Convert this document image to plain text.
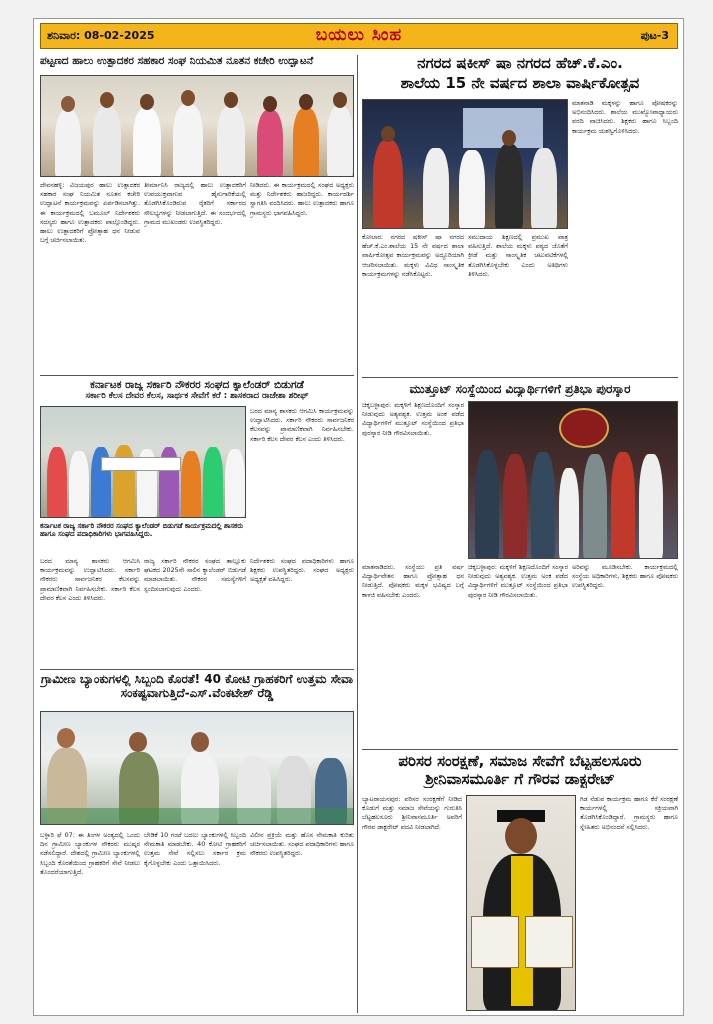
ಶನಿವಾರ: 08-02-2025	ಬಯಲು ಸಿಂಹ	ಪುಟ-3
ಪಟ್ಟಣದ ಹಾಲು ಉತ್ಪಾದಕರ ಸಹಕಾರ ಸಂಘ ನಿಯಮಿತ ನೂತನ ಕಚೇರಿ ಉದ್ಘಾಟನೆ
ದೇವನಹಳ್ಳಿ: ವಿಜಯಪುರ ಹಾಲು ಉತ್ಪಾದಕರ ಸಹಕಾರ ಸಂಘ ನಿಯಮಿತ ನೂತನ ಕಚೇರಿ ಉದ್ಘಾಟನೆ ಕಾರ್ಯಕ್ರಮವನ್ನು ಏರ್ಪಡಿಸಲಾಗಿತ್ತು. ಈ ಕಾರ್ಯಕ್ರಮದಲ್ಲಿ ಬಮೂಲ್ ನಿರ್ದೇಶಕರು ಸದಸ್ಯರು ಹಾಗೂ ಉತ್ಪಾದಕರು ಪಾಲ್ಗೊಂಡಿದ್ದರು. ಹಾಲು ಉತ್ಪಾದಕರಿಗೆ ಪ್ರೋತ್ಸಾಹ ಧನ ನೀಡುವ ಬಗ್ಗೆ ಚರ್ಚಿಸಲಾಯಿತು.
ತೀರ್ಮಾನಿಸಿ ರಾಜ್ಯದಲ್ಲಿ ಹಾಲು ಉತ್ಪಾದಕರಿಗೆ ಉಪಯುಕ್ತವಾಗುವ ಹೈನುಗಾರಿಕೆಯಲ್ಲಿ ತೊಡಗಿಸಿಕೊಂಡಿರುವ ರೈತರಿಗೆ ಸರ್ಕಾರದ ಸೌಲಭ್ಯಗಳನ್ನು ನೀಡಲಾಗುತ್ತಿದೆ. ಈ ಸಂದರ್ಭದಲ್ಲಿ ಗ್ರಾಮದ ಮುಖಂಡರು ಉಪಸ್ಥಿತರಿದ್ದರು.
ನೀಡಿದರು. ಈ ಕಾರ್ಯಕ್ರಮದಲ್ಲಿ ಸಂಘದ ಅಧ್ಯಕ್ಷರು ಮತ್ತು ನಿರ್ದೇಶಕರು ಹಾಜರಿದ್ದರು. ಕಾರ್ಯದರ್ಶಿ ಸ್ವಾಗತಿಸಿ ವಂದಿಸಿದರು. ಹಾಲು ಉತ್ಪಾದಕರು ಹಾಗೂ ಗ್ರಾಮಸ್ಥರು ಭಾಗವಹಿಸಿದ್ದರು.
ಕರ್ನಾಟಕ ರಾಜ್ಯ ಸರ್ಕಾರಿ ನೌಕರರ ಸಂಘದ ಕ್ಯಾಲೆಂಡರ್ ಬಿಡುಗಡೆ
ಸರ್ಕಾರಿ ಕೆಲಸ ದೇವರ ಕೆಲಸ, ಸಾರ್ಥಕ ಸೇವೆಗೆ ಕರೆ : ಶಾಸಕರಾದ ರಾಜೇಶಾ ಶರೀಫ್
ಕರ್ನಾಟಕ ರಾಜ್ಯ ಸರ್ಕಾರಿ ನೌಕರರ ಸಂಘದ ಕ್ಯಾಲೆಂಡರ್ ಬಿಡುಗಡೆ ಕಾರ್ಯಕ್ರಮದಲ್ಲಿ ಶಾಸಕರು ಹಾಗೂ ಸಂಘದ ಪದಾಧಿಕಾರಿಗಳು ಭಾಗವಹಿಸಿದ್ದರು.
ಬರದ ಮಾನ್ಯ ಶಾಸಕರು ಆಗಮಿಸಿ ಕಾರ್ಯಕ್ರಮವನ್ನು ಉದ್ಘಾಟಿಸಿದರು. ಸರ್ಕಾರಿ ನೌಕರರು ಸಾರ್ವಜನಿಕರ ಕೆಲಸವನ್ನು ಪ್ರಾಮಾಣಿಕವಾಗಿ ನಿರ್ವಹಿಸಬೇಕು. ಸರ್ಕಾರಿ ಕೆಲಸ ದೇವರ ಕೆಲಸ ಎಂದು ತಿಳಿಸಿದರು.
ಬರದ ಮಾನ್ಯ ಶಾಸಕರು ಆಗಮಿಸಿ ಕಾರ್ಯಕ್ರಮವನ್ನು ಉದ್ಘಾಟಿಸಿದರು. ಸರ್ಕಾರಿ ನೌಕರರು ಸಾರ್ವಜನಿಕರ ಕೆಲಸವನ್ನು ಪ್ರಾಮಾಣಿಕವಾಗಿ ನಿರ್ವಹಿಸಬೇಕು. ಸರ್ಕಾರಿ ಕೆಲಸ ದೇವರ ಕೆಲಸ ಎಂದು ತಿಳಿಸಿದರು.
ರಾಜ್ಯ ಸರ್ಕಾರಿ ನೌಕರರ ಸಂಘದ ತಾಲ್ಲೂಕು ಘಟಕದ 2025ನೇ ಸಾಲಿನ ಕ್ಯಾಲೆಂಡರ್ ಬಿಡುಗಡೆ ಮಾಡಲಾಯಿತು. ನೌಕರರ ಸಮಸ್ಯೆಗಳಿಗೆ ಸ್ಪಂದಿಸಲಾಗುವುದು ಎಂದರು.
ನಿರ್ದೇಶಕರು ಸಂಘದ ಪದಾಧಿಕಾರಿಗಳು ಹಾಗೂ ಶಿಕ್ಷಕರು ಉಪಸ್ಥಿತರಿದ್ದರು. ಸಂಘದ ಅಧ್ಯಕ್ಷರು ಅಧ್ಯಕ್ಷತೆ ವಹಿಸಿದ್ದರು.
ಗ್ರಾಮೀಣ ಬ್ಯಾಂಕುಗಳಲ್ಲಿ ಸಿಬ್ಬಂದಿ ಕೊರತೆ! 40 ಕೋಟಿ ಗ್ರಾಹಕರಿಗೆ ಉತ್ತಮ ಸೇವಾ ಸಂಕಷ್ಟವಾಗುತ್ತಿದೆ-ಎಸ್.ವೆಂಕಟೇಶ್ ರೆಡ್ಡಿ
ಬಳ್ಳಾರಿ ಫೆ 07: ಈ ತಿಂಗಳ ಅಂತ್ಯದಲ್ಲಿ ಒಂದು ದಿನ ಗ್ರಾಮೀಣ ಬ್ಯಾಂಕುಗಳ ನೌಕರರು ಮುಷ್ಕರ ನಡೆಸಲಿದ್ದಾರೆ. ದೇಶದಲ್ಲಿ ಗ್ರಾಮೀಣ ಬ್ಯಾಂಕುಗಳಲ್ಲಿ ಸಿಬ್ಬಂದಿ ಕೊರತೆಯಿಂದ ಗ್ರಾಹಕರಿಗೆ ಸೇವೆ ನೀಡಲು ತೊಂದರೆಯಾಗುತ್ತಿದೆ.
ಬೇಡಿಕೆ 10 ಗಂಟೆ ಬದಲು ಬ್ಯಾಂಕುಗಳಲ್ಲಿ ಸಿಬ್ಬಂದಿ ನೇಮಕಾತಿ ಮಾಡಬೇಕು. 40 ಕೋಟಿ ಗ್ರಾಹಕರಿಗೆ ಉತ್ತಮ ಸೇವೆ ಸಲ್ಲಿಸಲು ಸರ್ಕಾರ ಕ್ರಮ ಕೈಗೊಳ್ಳಬೇಕು ಎಂದು ಒತ್ತಾಯಿಸಿದರು.
ವಿಲೀನ ಪ್ರಕ್ರಿಯೆ ಮತ್ತು ಹೊಸ ನೇಮಕಾತಿ ಕುರಿತು ಚರ್ಚಿಸಲಾಯಿತು. ಸಂಘದ ಪದಾಧಿಕಾರಿಗಳು ಹಾಗೂ ನೌಕರರು ಉಪಸ್ಥಿತರಿದ್ದರು.
ನಗರದ ಷಕೀಸ್ ಷಾ ನಗರದ ಹೆಚ್.ಕೆ.ಎಂ.
ಶಾಲೆಯ 15 ನೇ ವರ್ಷದ ಶಾಲಾ ವಾರ್ಷಿಕೋತ್ಸವ
ಮಾತನಾಡಿ ಮಕ್ಕಳನ್ನು ಹಾಗೂ ಪೋಷಕರನ್ನು ಅಭಿನಂದಿಸಿದರು. ಶಾಲೆಯ ಮುಖ್ಯೋಪಾಧ್ಯಾಯರು ವರದಿ ವಾಚಿಸಿದರು. ಶಿಕ್ಷಕರು ಹಾಗೂ ಸಿಬ್ಬಂದಿ ಕಾರ್ಯಕ್ರಮ ಯಶಸ್ವಿಗೊಳಿಸಿದರು.
ಕೋಲಾರ: ನಗರದ ಷಕೀಸ್ ಷಾ ನಗರದ ಹೆಚ್.ಕೆ.ಎಂ.ಶಾಲೆಯ 15 ನೇ ವರ್ಷದ ಶಾಲಾ ವಾರ್ಷಿಕೋತ್ಸವ ಕಾರ್ಯಕ್ರಮವನ್ನು ಅದ್ದೂರಿಯಾಗಿ ಆಚರಿಸಲಾಯಿತು. ಮಕ್ಕಳು ವಿವಿಧ ಸಾಂಸ್ಕೃತಿಕ ಕಾರ್ಯಕ್ರಮಗಳನ್ನು ನಡೆಸಿಕೊಟ್ಟರು.
ಸಮುದಾಯ ಶಿಕ್ಷಣದಲ್ಲಿ ಪ್ರಮುಖ ಪಾತ್ರ ವಹಿಸುತ್ತಿದೆ. ಶಾಲೆಯ ಮಕ್ಕಳು ಪಠ್ಯದ ಜೊತೆಗೆ ಕ್ರೀಡೆ ಮತ್ತು ಸಾಂಸ್ಕೃತಿಕ ಚಟುವಟಿಕೆಗಳಲ್ಲಿ ತೊಡಗಿಸಿಕೊಳ್ಳಬೇಕು ಎಂದು ಅತಿಥಿಗಳು ತಿಳಿಸಿದರು.
ಮುತ್ತೂಟ್ ಸಂಸ್ಥೆಯಿಂದ ವಿದ್ಯಾರ್ಥಿಗಳಿಗೆ ಪ್ರತಿಭಾ ಪುರಸ್ಕಾರ
ಚಿಕ್ಕಬಳ್ಳಾಪುರ: ಮಕ್ಕಳಿಗೆ ಶಿಕ್ಷಣದೊಂದಿಗೆ ಸಂಸ್ಕಾರ ನೀಡುವುದು ಅತ್ಯವಶ್ಯಕ. ಉತ್ತಮ ಅಂಕ ಪಡೆದ ವಿದ್ಯಾರ್ಥಿಗಳಿಗೆ ಮುತ್ತೂಟ್ ಸಂಸ್ಥೆಯಿಂದ ಪ್ರತಿಭಾ ಪುರಸ್ಕಾರ ನೀಡಿ ಗೌರವಿಸಲಾಯಿತು.
ಮಾತನಾಡಿದರು. ಸಂಸ್ಥೆಯು ಪ್ರತಿ ವರ್ಷ ವಿದ್ಯಾರ್ಥಿವೇತನ ಹಾಗೂ ಪ್ರೋತ್ಸಾಹ ಧನ ನೀಡುತ್ತಿದೆ. ಪೋಷಕರು ಮಕ್ಕಳ ಭವಿಷ್ಯದ ಬಗ್ಗೆ ಕಾಳಜಿ ವಹಿಸಬೇಕು ಎಂದರು.
ಚಿಕ್ಕಬಳ್ಳಾಪುರ: ಮಕ್ಕಳಿಗೆ ಶಿಕ್ಷಣದೊಂದಿಗೆ ಸಂಸ್ಕಾರ ನೀಡುವುದು ಅತ್ಯವಶ್ಯಕ. ಉತ್ತಮ ಅಂಕ ಪಡೆದ ವಿದ್ಯಾರ್ಥಿಗಳಿಗೆ ಮುತ್ತೂಟ್ ಸಂಸ್ಥೆಯಿಂದ ಪ್ರತಿಭಾ ಪುರಸ್ಕಾರ ನೀಡಿ ಗೌರವಿಸಲಾಯಿತು.
ಅರಿವನ್ನು ಮೂಡಿಸಬೇಕು. ಕಾರ್ಯಕ್ರಮದಲ್ಲಿ ಸಂಸ್ಥೆಯ ಅಧಿಕಾರಿಗಳು, ಶಿಕ್ಷಕರು ಹಾಗೂ ಪೋಷಕರು ಉಪಸ್ಥಿತರಿದ್ದರು.
ಪರಿಸರ ಸಂರಕ್ಷಣೆ, ಸಮಾಜ ಸೇವೆಗೆ ಬೆಟ್ಟಹಲಸೂರು
ಶ್ರೀನಿವಾಸಮೂರ್ತಿ ಗೆ ಗೌರವ ಡಾಕ್ಟರೇಟ್
ಬ್ಯಾಟರಾಯನಪುರ: ಪರಿಸರ ಸಂರಕ್ಷಣೆಗೆ ನೀಡಿದ ಕೊಡುಗೆ ಮತ್ತು ಸಮಾಜ ಸೇವೆಯನ್ನು ಗುರುತಿಸಿ ಬೆಟ್ಟಹಲಸೂರು ಶ್ರೀನಿವಾಸಮೂರ್ತಿ ಅವರಿಗೆ ಗೌರವ ಡಾಕ್ಟರೇಟ್ ಪದವಿ ನೀಡಲಾಗಿದೆ.
ಗಿಡ ನೆಡುವ ಕಾರ್ಯಕ್ರಮ ಹಾಗೂ ಕೆರೆ ಸಂರಕ್ಷಣೆ ಕಾರ್ಯಗಳಲ್ಲಿ ಸಕ್ರಿಯವಾಗಿ ತೊಡಗಿಸಿಕೊಂಡಿದ್ದಾರೆ. ಗ್ರಾಮಸ್ಥರು ಹಾಗೂ ಸ್ನೇಹಿತರು ಅಭಿನಂದನೆ ಸಲ್ಲಿಸಿದರು.
